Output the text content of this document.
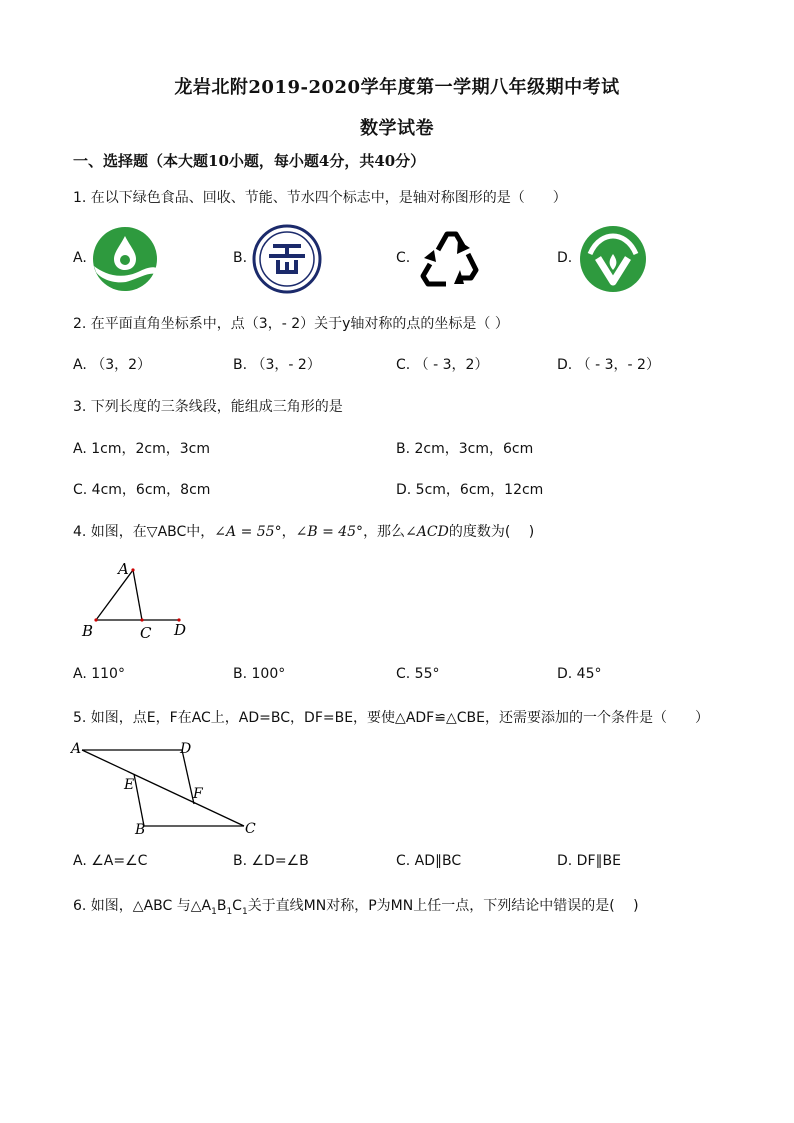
龙岩北附2019-2020学年度第一学期八年级期中考试
数学试卷
一、选择题（本大题10小题，每小题4分，共40分）
1. 在以下绿色食品、回收、节能、节水四个标志中，是轴对称图形的是（　　）
A.	B.	C.	D.
2. 在平面直角坐标系中，点（3，- 2）关于y轴对称的点的坐标是（ ）
A. （3，2）	B. （3，- 2）	C. （ - 3，2）	D. （ - 3，- 2）
3. 下列长度的三条线段，能组成三角形的是
A. 1cm，2cm，3cm	B. 2cm，3cm，6cm
C. 4cm，6cm，8cm	D. 5cm，6cm，12cm
4. 如图，在▽ABC中，∠A = 55°，∠B = 45°，那么∠ACD的度数为(　 )
A
B	C D
A. 110°	B. 100°	C. 55°	D. 45°
5. 如图，点E，F在AC上，AD=BC，DF=BE，要使△ADF≌△CBE，还需要添加的一个条件是（　　）
A	D
E
F
B	C
A. ∠A=∠C	B. ∠D=∠B	C. AD∥BC	D. DF∥BE
6. 如图，△ABC 与$\triangle A_1B_1C_1$关于直线MN对称，P为MN上任一点，下列结论中错误的是(　 )
